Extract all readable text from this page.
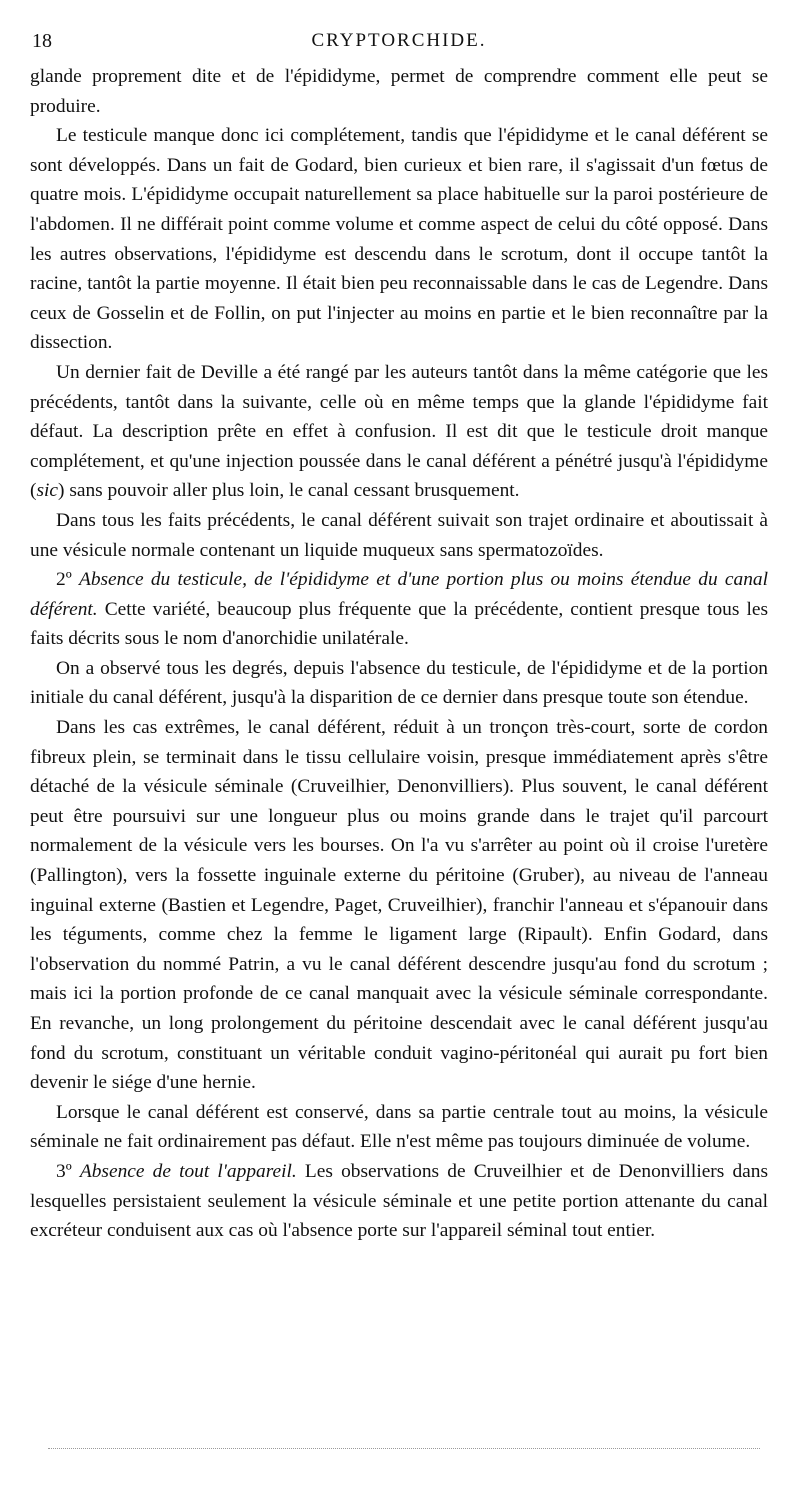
18	CRYPTORCHIDE.

glande proprement dite et de l'épididyme, permet de comprendre comment elle peut se produire.

Le testicule manque donc ici complétement, tandis que l'épididyme et le canal déférent se sont développés. Dans un fait de Godard, bien curieux et bien rare, il s'agissait d'un fœtus de quatre mois. L'épididyme occupait naturellement sa place habituelle sur la paroi postérieure de l'abdomen. Il ne différait point comme volume et comme aspect de celui du côté opposé. Dans les autres observations, l'épididyme est descendu dans le scrotum, dont il occupe tantôt la racine, tantôt la partie moyenne. Il était bien peu reconnaissable dans le cas de Legendre. Dans ceux de Gosselin et de Follin, on put l'injecter au moins en partie et le bien reconnaître par la dissection.

Un dernier fait de Deville a été rangé par les auteurs tantôt dans la même catégorie que les précédents, tantôt dans la suivante, celle où en même temps que la glande l'épididyme fait défaut. La description prête en effet à confusion. Il est dit que le testicule droit manque complétement, et qu'une injection poussée dans le canal déférent a pénétré jusqu'à l'épididyme (sic) sans pouvoir aller plus loin, le canal cessant brusquement.

Dans tous les faits précédents, le canal déférent suivait son trajet ordinaire et aboutissait à une vésicule normale contenant un liquide muqueux sans spermatozoïdes.

2º Absence du testicule, de l'épididyme et d'une portion plus ou moins étendue du canal déférent. Cette variété, beaucoup plus fréquente que la précédente, contient presque tous les faits décrits sous le nom d'anorchidie unilatérale.

On a observé tous les degrés, depuis l'absence du testicule, de l'épididyme et de la portion initiale du canal déférent, jusqu'à la disparition de ce dernier dans presque toute son étendue.

Dans les cas extrêmes, le canal déférent, réduit à un tronçon très-court, sorte de cordon fibreux plein, se terminait dans le tissu cellulaire voisin, presque immédiatement après s'être détaché de la vésicule séminale (Cruveilhier, Denonvilliers). Plus souvent, le canal déférent peut être poursuivi sur une longueur plus ou moins grande dans le trajet qu'il parcourt normalement de la vésicule vers les bourses. On l'a vu s'arrêter au point où il croise l'uretère (Pallington), vers la fossette inguinale externe du péritoine (Gruber), au niveau de l'anneau inguinal externe (Bastien et Legendre, Paget, Cruveilhier), franchir l'anneau et s'épanouir dans les téguments, comme chez la femme le ligament large (Ripault). Enfin Godard, dans l'observation du nommé Patrin, a vu le canal déférent descendre jusqu'au fond du scrotum ; mais ici la portion profonde de ce canal manquait avec la vésicule séminale correspondante. En revanche, un long prolongement du péritoine descendait avec le canal déférent jusqu'au fond du scrotum, constituant un véritable conduit vagino-péritonéal qui aurait pu fort bien devenir le siége d'une hernie.

Lorsque le canal déférent est conservé, dans sa partie centrale tout au moins, la vésicule séminale ne fait ordinairement pas défaut. Elle n'est même pas toujours diminuée de volume.

3º Absence de tout l'appareil. Les observations de Cruveilhier et de Denonvilliers dans lesquelles persistaient seulement la vésicule séminale et une petite portion attenante du canal excréteur conduisent aux cas où l'absence porte sur l'appareil séminal tout entier.
